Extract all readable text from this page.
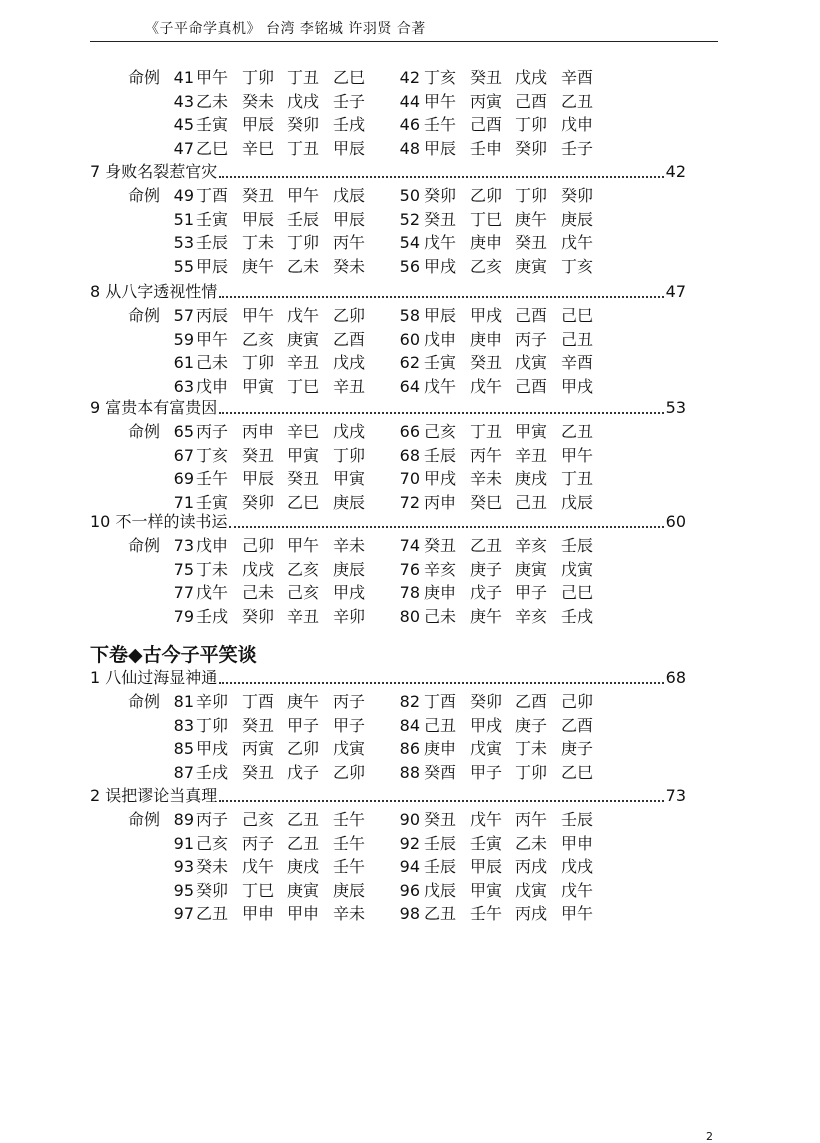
《子平命学真机》 台湾 李铭城 许羽贤 合著
命例 41 甲午 丁卯 丁丑 乙巳	42 丁亥 癸丑 戊戌 辛酉
43 乙未 癸未 戊戌 壬子	44 甲午 丙寅 己酉 乙丑
45 壬寅 甲辰 癸卯 壬戌	46 壬午 己酉 丁卯 戊申
47 乙巳 辛巳 丁丑 甲辰	48 甲辰 壬申 癸卯 壬子
7 身败名裂惹官灾	42
命例 49 丁酉 癸丑 甲午 戊辰	50 癸卯 乙卯 丁卯 癸卯
51 壬寅 甲辰 壬辰 甲辰	52 癸丑 丁巳 庚午 庚辰
53 壬辰 丁未 丁卯 丙午	54 戊午 庚申 癸丑 戊午
55 甲辰 庚午 乙未 癸未	56 甲戌 乙亥 庚寅 丁亥
8 从八字透视性情	47
命例 57 丙辰 甲午 戊午 乙卯	58 甲辰 甲戌 己酉 己巳
59 甲午 乙亥 庚寅 乙酉	60 戊申 庚申 丙子 己丑
61 己未 丁卯 辛丑 戊戌	62 壬寅 癸丑 戊寅 辛酉
63 戊申 甲寅 丁巳 辛丑	64 戊午 戊午 己酉 甲戌
9 富贵本有富贵因	53
命例 65 丙子 丙申 辛巳 戊戌	66 己亥 丁丑 甲寅 乙丑
67 丁亥 癸丑 甲寅 丁卯	68 壬辰 丙午 辛丑 甲午
69 壬午 甲辰 癸丑 甲寅	70 甲戌 辛未 庚戌 丁丑
71 壬寅 癸卯 乙巳 庚辰	72 丙申 癸巳 己丑 戊辰
10 不一样的读书运	60
命例 73 戊申 己卯 甲午 辛未	74 癸丑 乙丑 辛亥 壬辰
75 丁未 戊戌 乙亥 庚辰	76 辛亥 庚子 庚寅 戊寅
77 戊午 己未 己亥 甲戌	78 庚申 戊子 甲子 己巳
79 壬戌 癸卯 辛丑 辛卯	80 己未 庚午 辛亥 壬戌
1 八仙过海显神通	68
命例 81 辛卯 丁酉 庚午 丙子	82 丁酉 癸卯 乙酉 己卯
83 丁卯 癸丑 甲子 甲子	84 己丑 甲戌 庚子 乙酉
85 甲戌 丙寅 乙卯 戊寅	86 庚申 戊寅 丁未 庚子
87 壬戌 癸丑 戊子 乙卯	88 癸酉 甲子 丁卯 乙巳
2 误把谬论当真理	73
命例 89 丙子 己亥 乙丑 壬午	90 癸丑 戊午 丙午 壬辰
91 己亥 丙子 乙丑 壬午	92 壬辰 壬寅 乙未 甲申
93 癸未 戊午 庚戌 壬午	94 壬辰 甲辰 丙戌 戊戌
95 癸卯 丁巳 庚寅 庚辰	96 戊辰 甲寅 戊寅 戊午
97 乙丑 甲申 甲申 辛未	98 乙丑 壬午 丙戌 甲午
下卷◆古今子平笑谈
2
